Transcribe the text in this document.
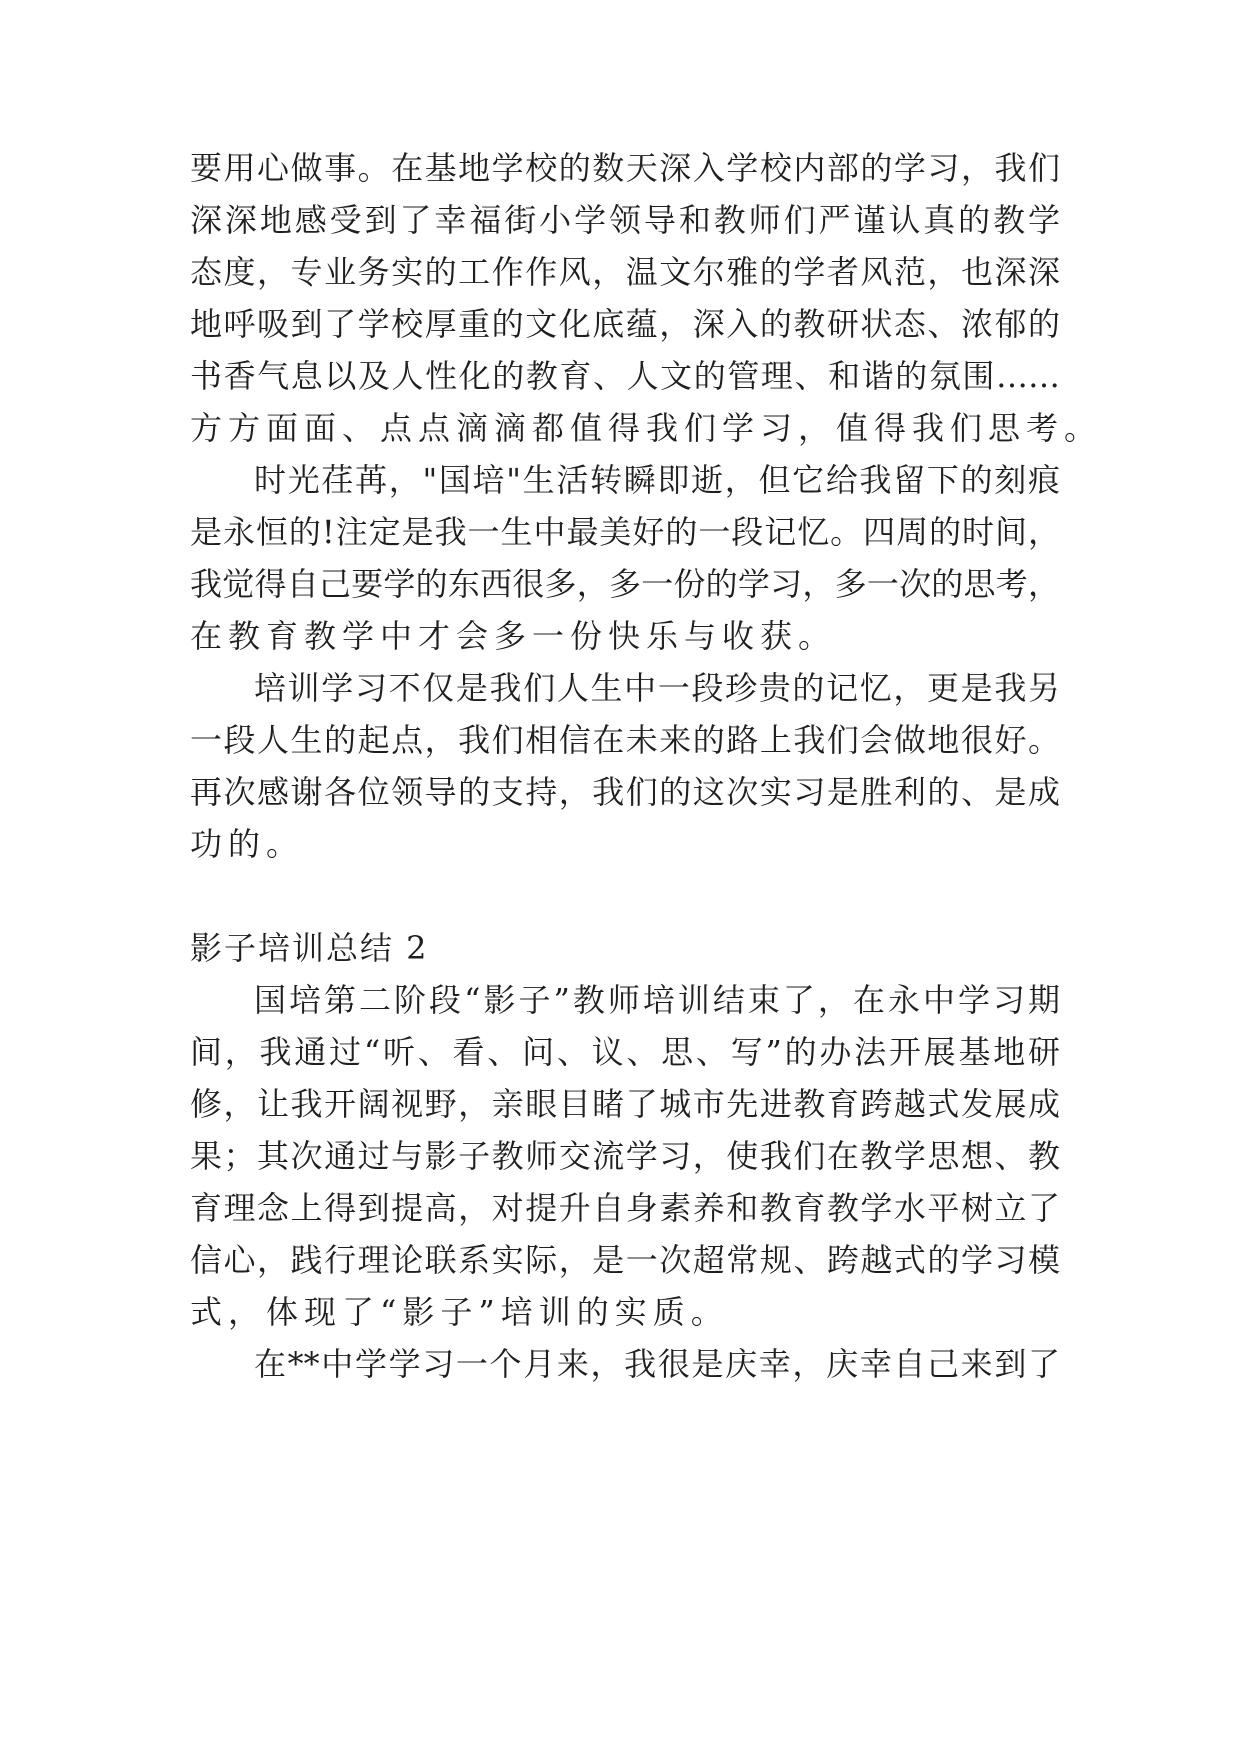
要用心做事。在基地学校的数天深入学校内部的学习，我们
深深地感受到了幸福街小学领导和教师们严谨认真的教学
态度，专业务实的工作作风，温文尔雅的学者风范，也深深
地呼吸到了学校厚重的文化底蕴，深入的教研状态、浓郁的
书香气息以及人性化的教育、人文的管理、和谐的氛围……
方方面面、点点滴滴都值得我们学习，值得我们思考。
时光荏苒，"国培"生活转瞬即逝，但它给我留下的刻痕
是永恒的!注定是我一生中最美好的一段记忆。四周的时间，
我觉得自己要学的东西很多，多一份的学习，多一次的思考，
在教育教学中才会多一份快乐与收获。
培训学习不仅是我们人生中一段珍贵的记忆，更是我另
一段人生的起点，我们相信在未来的路上我们会做地很好。
再次感谢各位领导的支持，我们的这次实习是胜利的、是成
功的。
影子培训总结 2
国培第二阶段“影子”教师培训结束了，在永中学习期
间，我通过“听、看、问、议、思、写”的办法开展基地研
修，让我开阔视野，亲眼目睹了城市先进教育跨越式发展成
果；其次通过与影子教师交流学习，使我们在教学思想、教
育理念上得到提高，对提升自身素养和教育教学水平树立了
信心，践行理论联系实际，是一次超常规、跨越式的学习模
式，体现了“影子”培训的实质。
在**中学学习一个月来，我很是庆幸，庆幸自己来到了
